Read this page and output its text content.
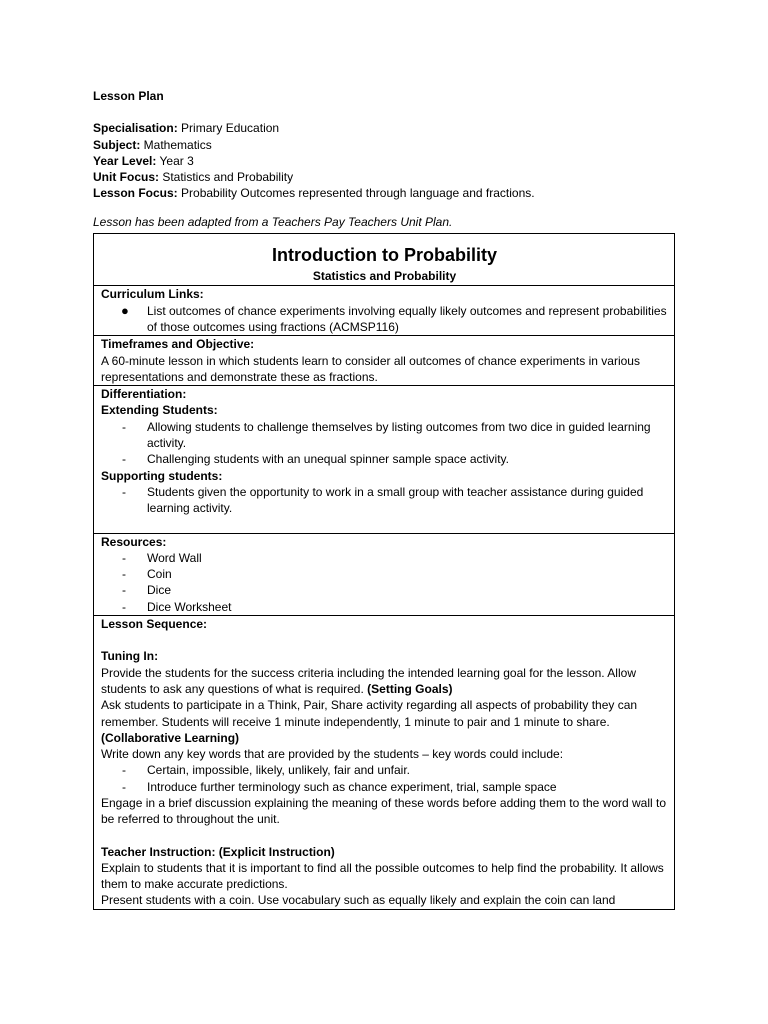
Lesson Plan

Specialisation: Primary Education

Subject: Mathematics

Year Level: Year 3

Unit Focus: Statistics and Probability

Lesson Focus: Probability Outcomes represented through language and fractions.

Lesson has been adapted from a Teachers Pay Teachers Unit Plan.

Introduction to Probability
Statistics and Probability
Curriculum Links:
● List outcomes of chance experiments involving equally likely outcomes and represent probabilities of those outcomes using fractions (ACMSP116)
Timeframes and Objective:
A 60-minute lesson in which students learn to consider all outcomes of chance experiments in various representations and demonstrate these as fractions.
Differentiation:
Extending Students:
- Allowing students to challenge themselves by listing outcomes from two dice in guided learning activity.
- Challenging students with an unequal spinner sample space activity.
Supporting students:
- Students given the opportunity to work in a small group with teacher assistance during guided learning activity.
Resources:
- Word Wall
- Coin
- Dice
- Dice Worksheet
Lesson Sequence:
Tuning In:
Provide the students for the success criteria including the intended learning goal for the lesson. Allow students to ask any questions of what is required. (Setting Goals)
Ask students to participate in a Think, Pair, Share activity regarding all aspects of probability they can remember. Students will receive 1 minute independently, 1 minute to pair and 1 minute to share. (Collaborative Learning)
Write down any key words that are provided by the students – key words could include:
- Certain, impossible, likely, unlikely, fair and unfair.
- Introduce further terminology such as chance experiment, trial, sample space
Engage in a brief discussion explaining the meaning of these words before adding them to the word wall to be referred to throughout the unit.
Teacher Instruction: (Explicit Instruction)
Explain to students that it is important to find all the possible outcomes to help find the probability. It allows them to make accurate predictions.
Present students with a coin. Use vocabulary such as equally likely and explain the coin can land
